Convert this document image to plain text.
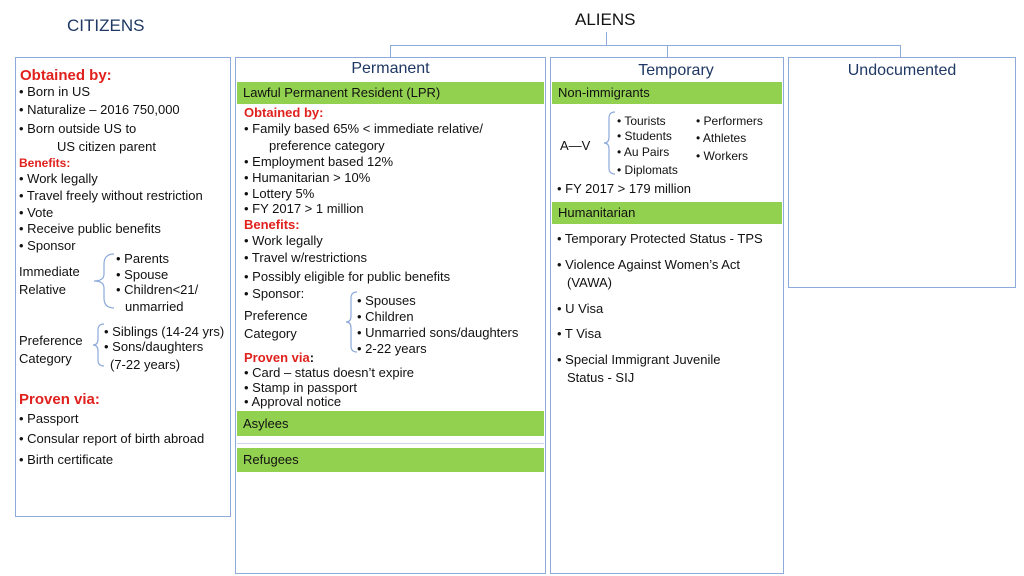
CITIZENS	ALIENS
Obtained by:
• Born in US
• Naturalize – 2016 750,000
• Born outside US to
US citizen parent
Benefits:
• Work legally
• Travel freely without restriction
• Vote
• Receive public benefits
• Sponsor
Immediate
Relative
• Parents
• Spouse
• Children<21/
unmarried
Preference
Category
• Siblings (14-24 yrs)
• Sons/daughters
(7-22 years)
Proven via:
• Passport
• Consular report of birth abroad
• Birth certificate
Permanent
Lawful Permanent Resident (LPR)
Obtained by:
• Family based 65% < immediate relative/
preference category
• Employment based 12%
• Humanitarian > 10%
• Lottery 5%
• FY 2017 > 1 million
Benefits:
• Work legally
• Travel w/restrictions
• Possibly eligible for public benefits
• Sponsor:
Preference
Category
• Spouses
• Children
• Unmarried sons/daughters
• 2-22 years
Proven via:
• Card – status doesn’t expire
• Stamp in passport
• Approval notice
Asylees
Refugees
Temporary
Non-immigrants
A—V
• Tourists
• Students
• Au Pairs
• Diplomats
• Performers
• Athletes
• Workers
• FY 2017 > 179 million
Humanitarian
• Temporary Protected Status - TPS
• Violence Against Women’s Act
(VAWA)
• U Visa
• T Visa
• Special Immigrant Juvenile
Status - SIJ
Undocumented
